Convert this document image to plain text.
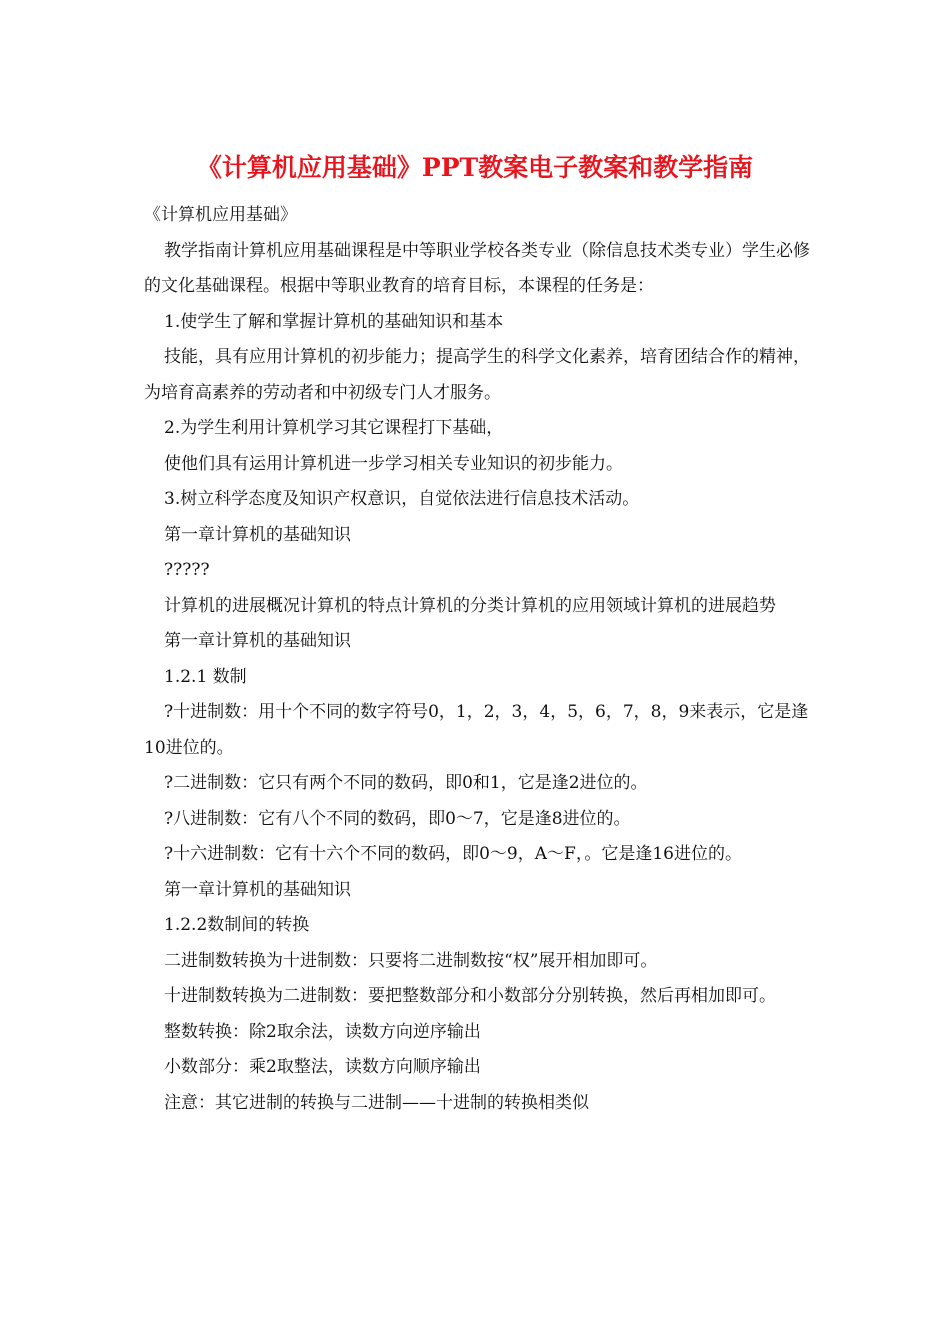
《计算机应用基础》PPT教案电子教案和教学指南

《计算机应用基础》

教学指南计算机应用基础课程是中等职业学校各类专业（除信息技术类专业）学生必修的文化基础课程。根据中等职业教育的培育目标，本课程的任务是：

1.使学生了解和掌握计算机的基础知识和基本

技能，具有应用计算机的初步能力；提高学生的科学文化素养，培育团结合作的精神，为培育高素养的劳动者和中初级专门人才服务。

2.为学生利用计算机学习其它课程打下基础，

使他们具有运用计算机进一步学习相关专业知识的初步能力。

3.树立科学态度及知识产权意识，自觉依法进行信息技术活动。

第一章计算机的基础知识

?????

计算机的进展概况计算机的特点计算机的分类计算机的应用领域计算机的进展趋势

第一章计算机的基础知识

1.2.1 数制

?十进制数：用十个不同的数字符号0，1，2，3，4，5，6，7，8，9来表示，它是逢10进位的。

?二进制数：它只有两个不同的数码，即0和1，它是逢2进位的。

?八进制数：它有八个不同的数码，即0～7，它是逢8进位的。

?十六进制数：它有十六个不同的数码，即0～9，A～F，。它是逢16进位的。

第一章计算机的基础知识

1.2.2数制间的转换

二进制数转换为十进制数：只要将二进制数按“权”展开相加即可。

十进制数转换为二进制数：要把整数部分和小数部分分别转换，然后再相加即可。

整数转换：除2取余法，读数方向逆序输出

小数部分：乘2取整法，读数方向顺序输出

注意：其它进制的转换与二进制——十进制的转换相类似
